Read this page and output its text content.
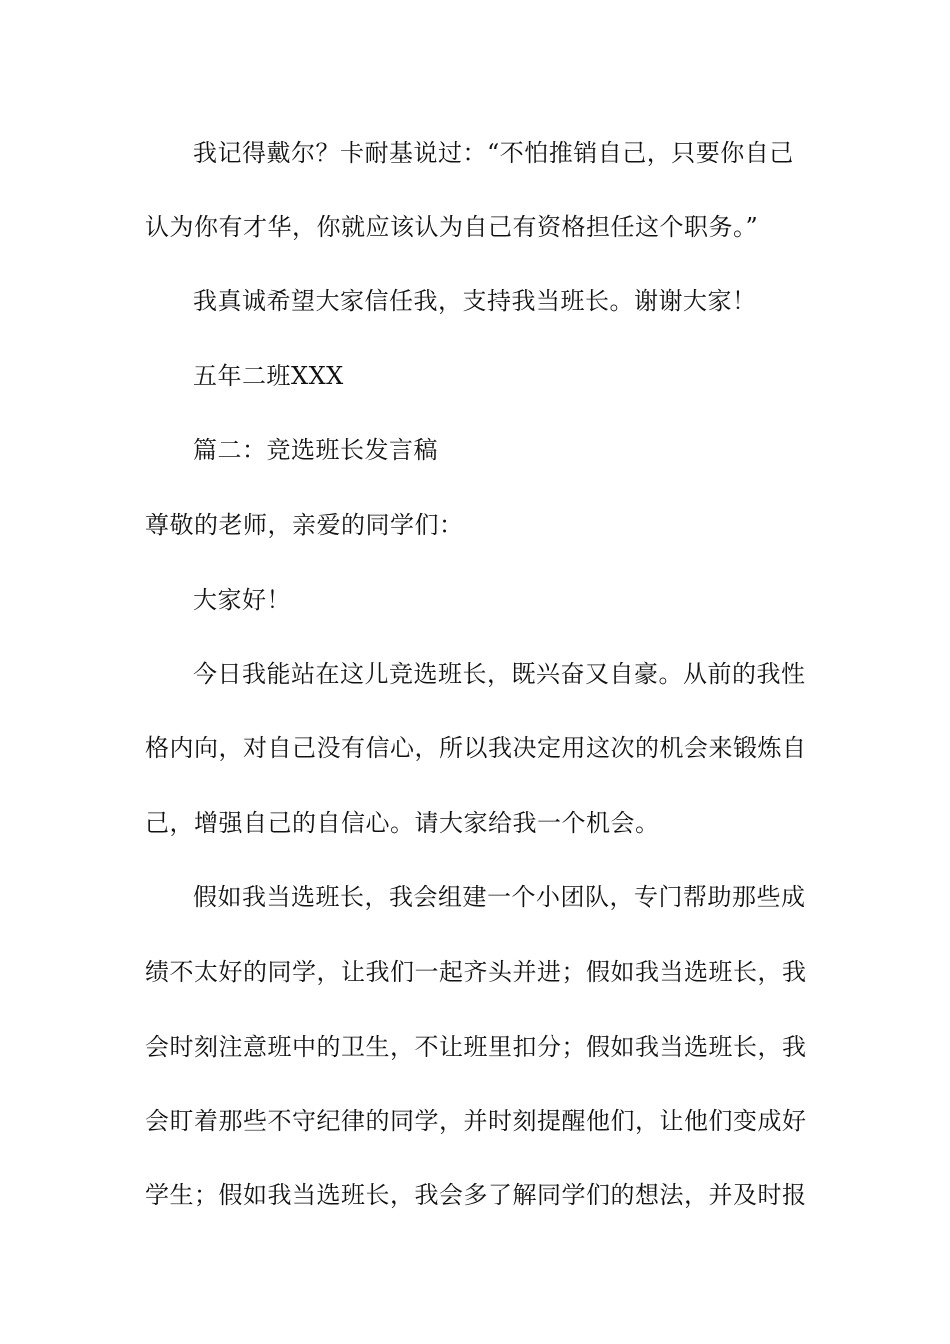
我记得戴尔？卡耐基说过：“不怕推销自己，只要你自己
认为你有才华，你就应该认为自己有资格担任这个职务。”
我真诚希望大家信任我，支持我当班长。谢谢大家！
五年二班XXX
篇二：竞选班长发言稿
尊敬的老师，亲爱的同学们：
大家好！
今日我能站在这儿竞选班长，既兴奋又自豪。从前的我性
格内向，对自己没有信心，所以我决定用这次的机会来锻炼自
己，增强自己的自信心。请大家给我一个机会。
假如我当选班长，我会组建一个小团队，专门帮助那些成
绩不太好的同学，让我们一起齐头并进；假如我当选班长，我
会时刻注意班中的卫生，不让班里扣分；假如我当选班长，我
会盯着那些不守纪律的同学，并时刻提醒他们，让他们变成好
学生；假如我当选班长，我会多了解同学们的想法，并及时报
